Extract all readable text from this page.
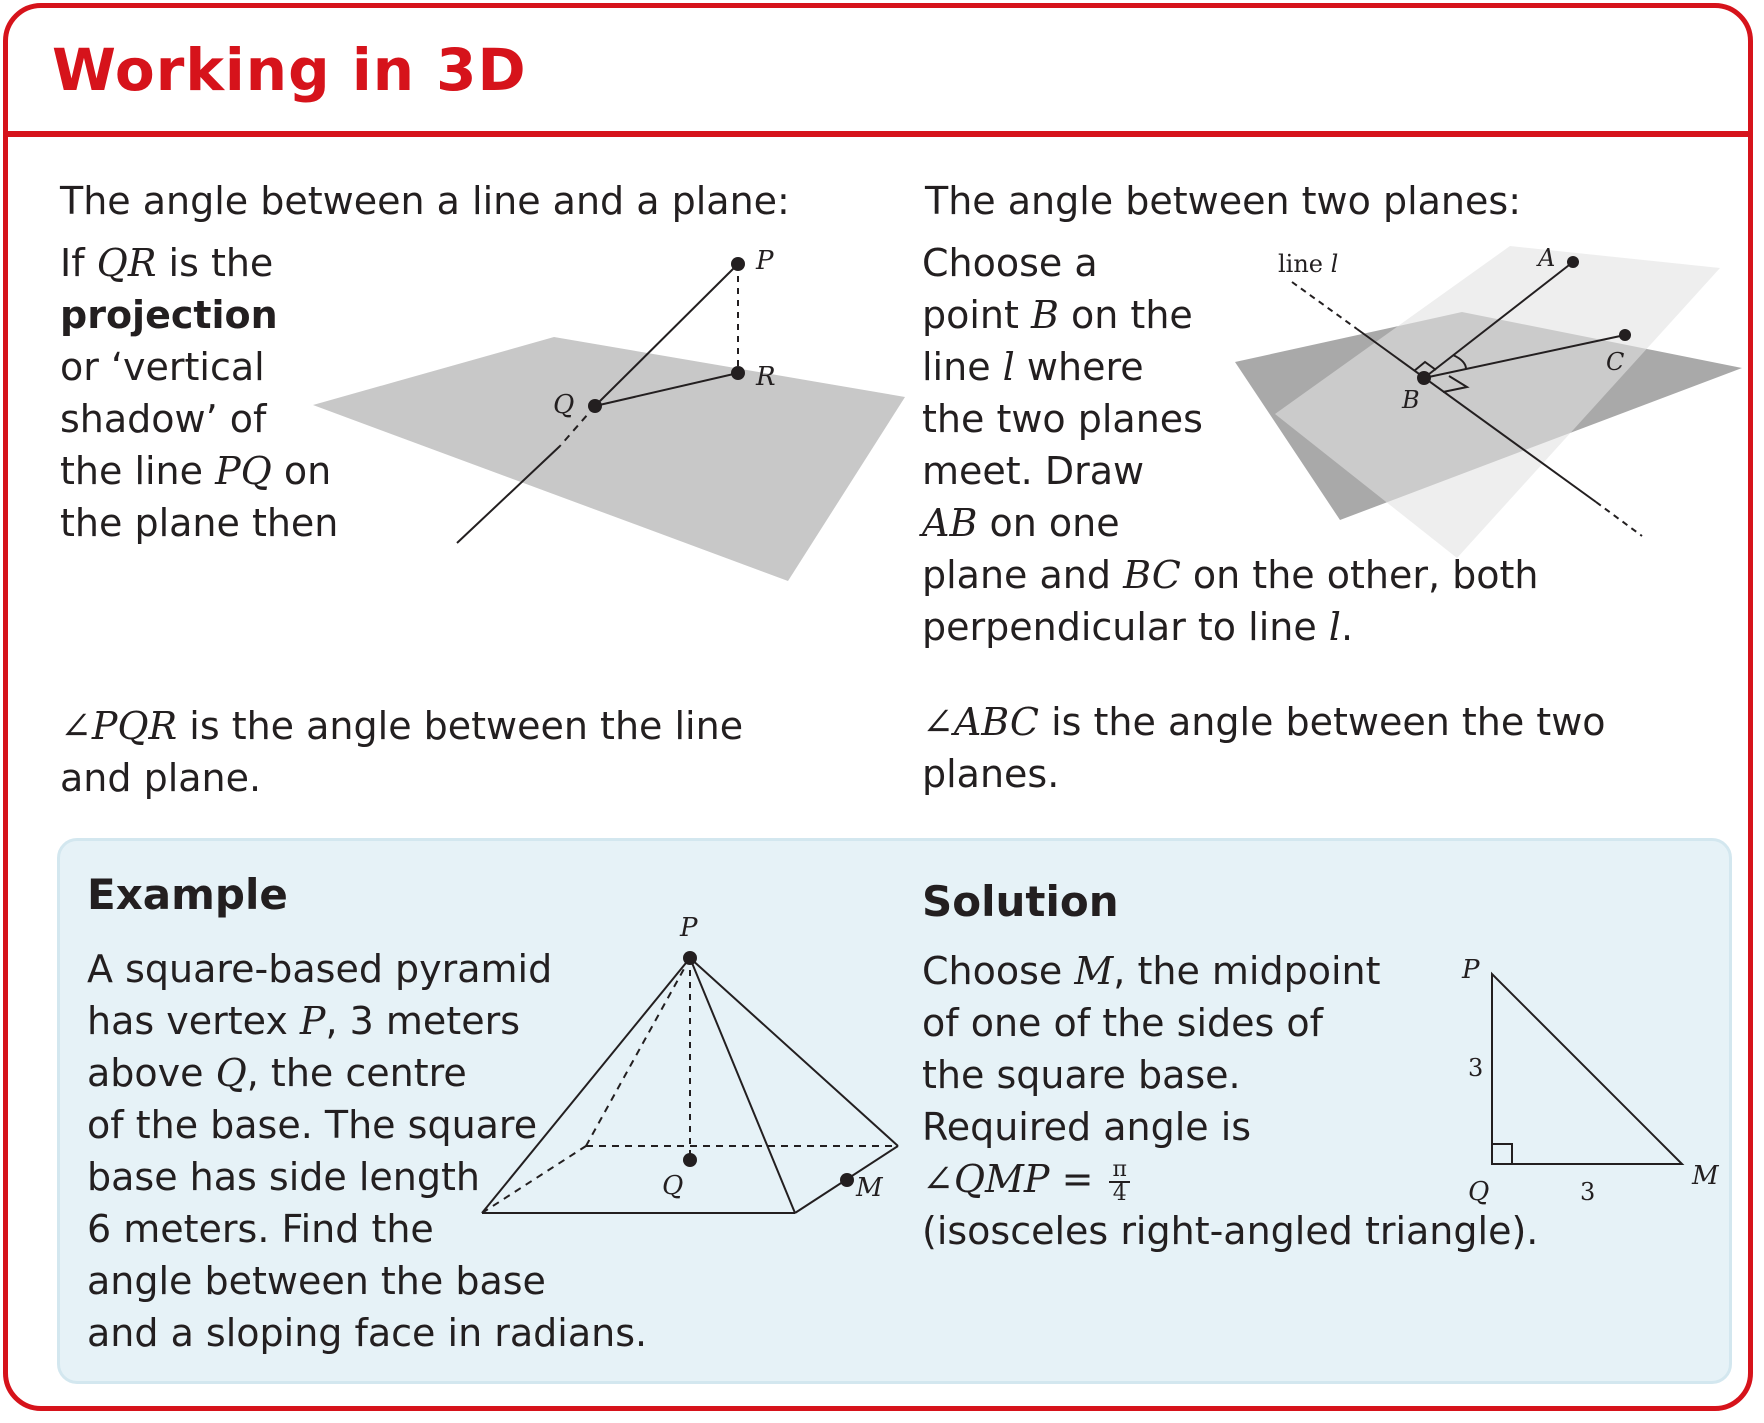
Working in 3D

The angle between a line and a plane:

If QR is the

projection

or ‘vertical

shadow’ of

the line PQ on

the plane then

P
Q
R

∠PQR is the angle between the line

and plane.

The angle between two planes:

Choose a

point B on the

line l where

the two planes

meet. Draw

AB on one

plane and BC on the other, both

perpendicular to line l.

line l	A
B
C

∠ABC is the angle between the two

planes.

Example

A square-based pyramid

has vertex P, 3 meters

above Q, the centre

of the base. The square

base has side length

6 meters. Find the

angle between the base

and a sloping face in radians.

P
Q	M
Solution

Choose M, the midpoint

of one of the sides of

the square base.

Required angle is

∠QMP = $\frac{\pi}{4}$

(isosceles right-angled triangle).

P
Q
M
3
3
